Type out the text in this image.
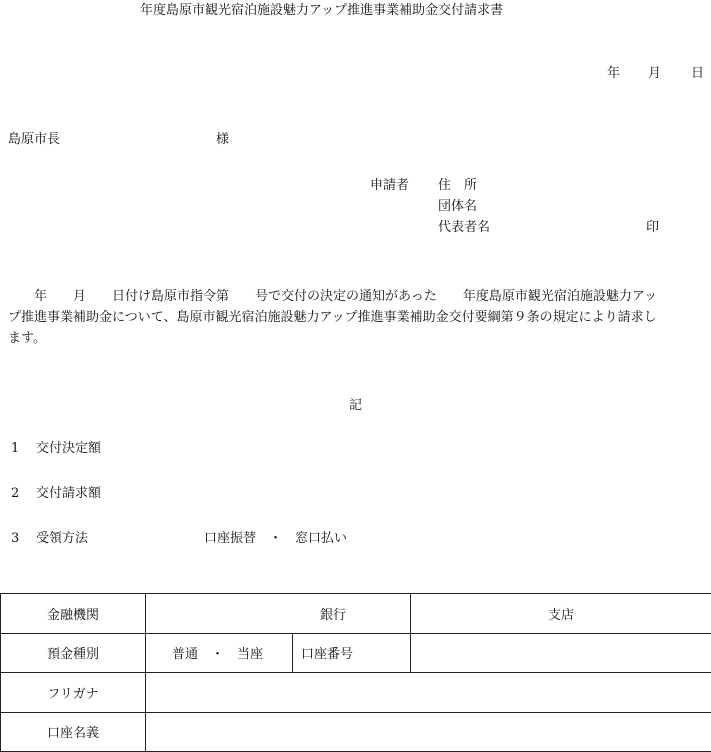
年度島原市観光宿泊施設魅力アップ推進事業補助金交付請求書
年 月 日
島原市長	様
申請者 住　所
団体名
代表者名	印
　　年　　月　　日付け島原市指令第　　号で交付の決定の通知があった　　年度島原市観光宿泊施設魅力アッ
プ推進事業補助金について、島原市観光宿泊施設魅力アップ推進事業補助金交付要綱第９条の規定により請求し
ます。
記
1 交付決定額
2 交付請求額
3 受領方法	口座振替　・　窓口払い
金融機関	銀行		支店
預金種別	普通　・　当座	口座番号	
フリガナ			
口座名義			
